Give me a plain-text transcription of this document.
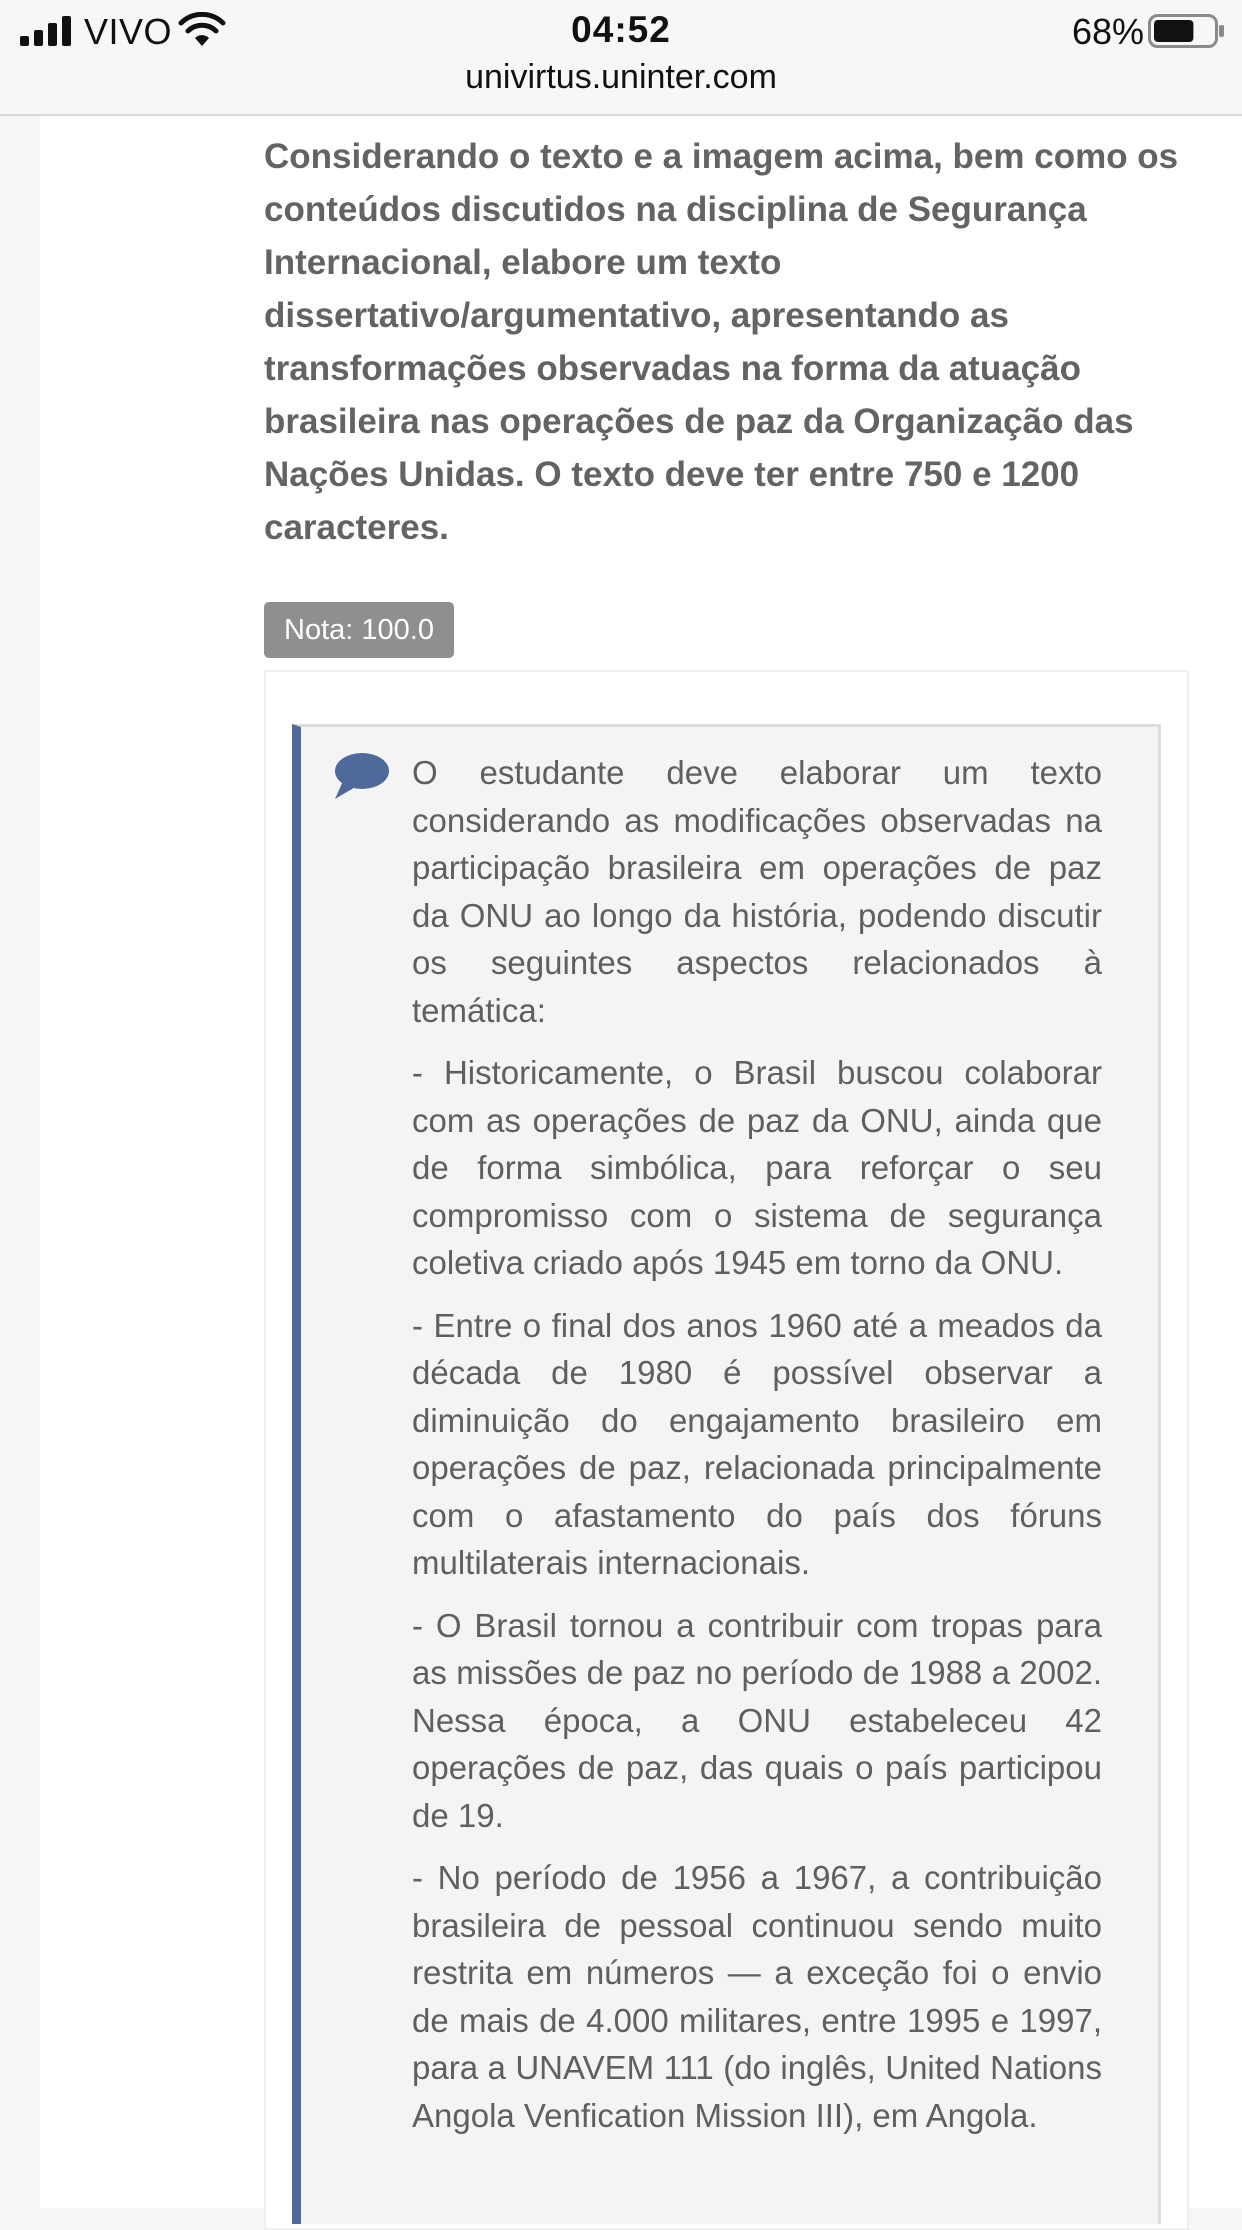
VIVO	04:52	68%
univirtus.uninter.com

Considerando o texto e a imagem acima, bem como os conteúdos discutidos na disciplina de Segurança Internacional, elabore um texto dissertativo/argumentativo, apresentando as transformações observadas na forma da atuação brasileira nas operações de paz da Organização das Nações Unidas. O texto deve ter entre 750 e 1200 caracteres.

Nota: 100.0

O estudante deve elaborar um texto considerando as modificações observadas na participação brasileira em operações de paz da ONU ao longo da história, podendo discutir os seguintes aspectos relacionados à temática:

- Historicamente, o Brasil buscou colaborar com as operações de paz da ONU, ainda que de forma simbólica, para reforçar o seu compromisso com o sistema de segurança coletiva criado após 1945 em torno da ONU.

- Entre o final dos anos 1960 até a meados da década de 1980 é possível observar a diminuição do engajamento brasileiro em operações de paz, relacionada principalmente com o afastamento do país dos fóruns multilaterais internacionais.

- O Brasil tornou a contribuir com tropas para as missões de paz no período de 1988 a 2002. Nessa época, a ONU estabeleceu 42 operações de paz, das quais o país participou de 19.

- No período de 1956 a 1967, a contribuição brasileira de pessoal continuou sendo muito restrita em números — a exceção foi o envio de mais de 4.000 militares, entre 1995 e 1997, para a UNAVEM 111 (do inglês, United Nations Angola Venfication Mission III), em Angola.
